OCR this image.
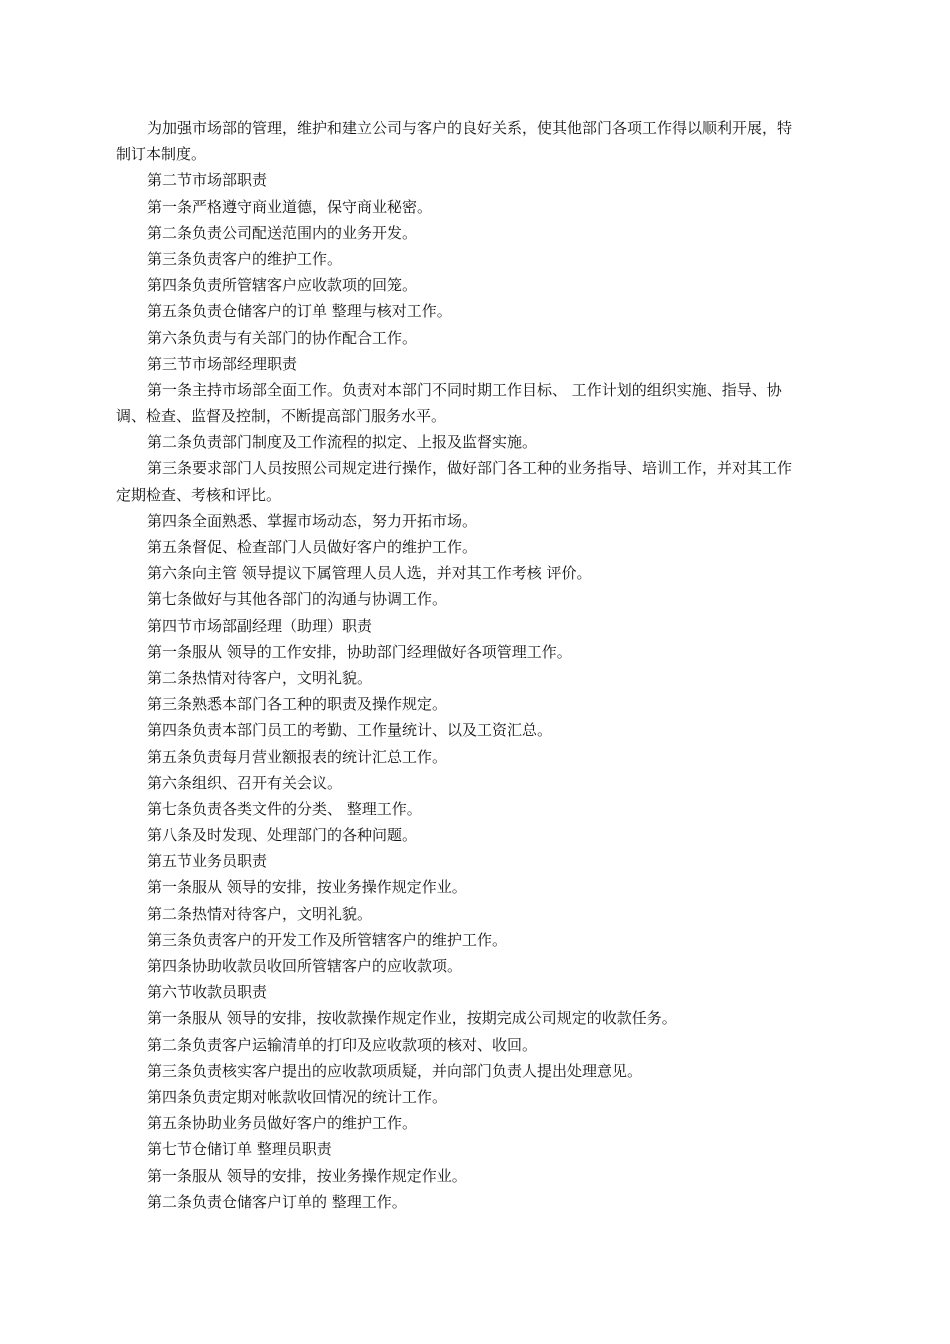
为加强市场部的管理，维护和建立公司与客户的良好关系，使其他部门各项工作得以顺利开展，特
制订本制度。
第二节市场部职责
第一条严格遵守商业道德，保守商业秘密。
第二条负责公司配送范围内的业务开发。
第三条负责客户的维护工作。
第四条负责所管辖客户应收款项的回笼。
第五条负责仓储客户的订单 整理与核对工作。
第六条负责与有关部门的协作配合工作。
第三节市场部经理职责
第一条主持市场部全面工作。负责对本部门不同时期工作目标、 工作计划的组织实施、指导、协
调、检查、监督及控制，不断提高部门服务水平。
第二条负责部门制度及工作流程的拟定、上报及监督实施。
第三条要求部门人员按照公司规定进行操作，做好部门各工种的业务指导、培训工作，并对其工作
定期检查、考核和评比。
第四条全面熟悉、掌握市场动态，努力开拓市场。
第五条督促、检查部门人员做好客户的维护工作。
第六条向主管 领导提议下属管理人员人选，并对其工作考核 评价。
第七条做好与其他各部门的沟通与协调工作。
第四节市场部副经理（助理）职责
第一条服从 领导的工作安排，协助部门经理做好各项管理工作。
第二条热情对待客户，文明礼貌。
第三条熟悉本部门各工种的职责及操作规定。
第四条负责本部门员工的考勤、工作量统计、以及工资汇总。
第五条负责每月营业额报表的统计汇总工作。
第六条组织、召开有关会议。
第七条负责各类文件的分类、 整理工作。
第八条及时发现、处理部门的各种问题。
第五节业务员职责
第一条服从 领导的安排，按业务操作规定作业。
第二条热情对待客户，文明礼貌。
第三条负责客户的开发工作及所管辖客户的维护工作。
第四条协助收款员收回所管辖客户的应收款项。
第六节收款员职责
第一条服从 领导的安排，按收款操作规定作业，按期完成公司规定的收款任务。
第二条负责客户运输清单的打印及应收款项的核对、收回。
第三条负责核实客户提出的应收款项质疑，并向部门负责人提出处理意见。
第四条负责定期对帐款收回情况的统计工作。
第五条协助业务员做好客户的维护工作。
第七节仓储订单 整理员职责
第一条服从 领导的安排，按业务操作规定作业。
第二条负责仓储客户订单的 整理工作。
